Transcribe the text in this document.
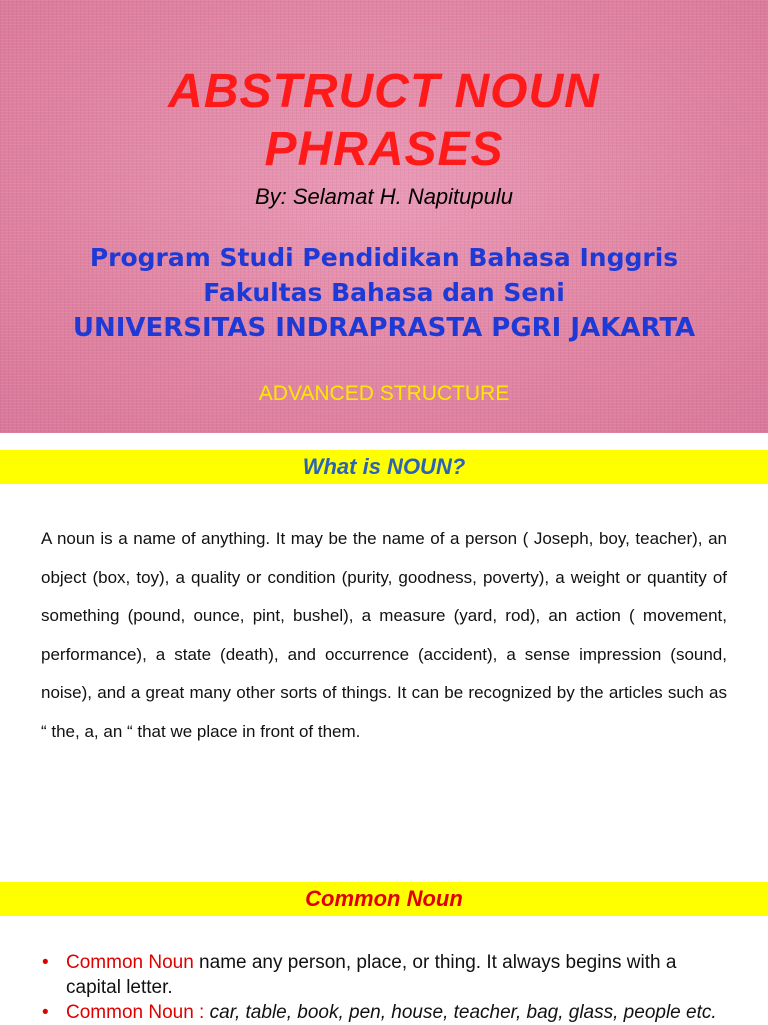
ABSTRUCT NOUN
PHRASES
By: Selamat H. Napitupulu
Program Studi Pendidikan Bahasa Inggris
Fakultas Bahasa dan Seni
UNIVERSITAS INDRAPRASTA PGRI JAKARTA
ADVANCED STRUCTURE
What is NOUN?
A noun is a name of anything. It may be the name of a person ( Joseph, boy, teacher), an object (box, toy), a quality or condition (purity, goodness, poverty), a weight or quantity of something (pound, ounce, pint, bushel), a measure (yard, rod), an action ( movement, performance), a state (death), and occurrence (accident), a sense impression (sound, noise), and a great many other sorts of things. It can be recognized by the articles such as “ the, a, an “ that we place in front of them.
Common Noun
• Common Noun name any person, place, or thing. It always begins with a capital letter.
• Common Noun : car, table, book, pen, house, teacher, bag, glass, people etc.
